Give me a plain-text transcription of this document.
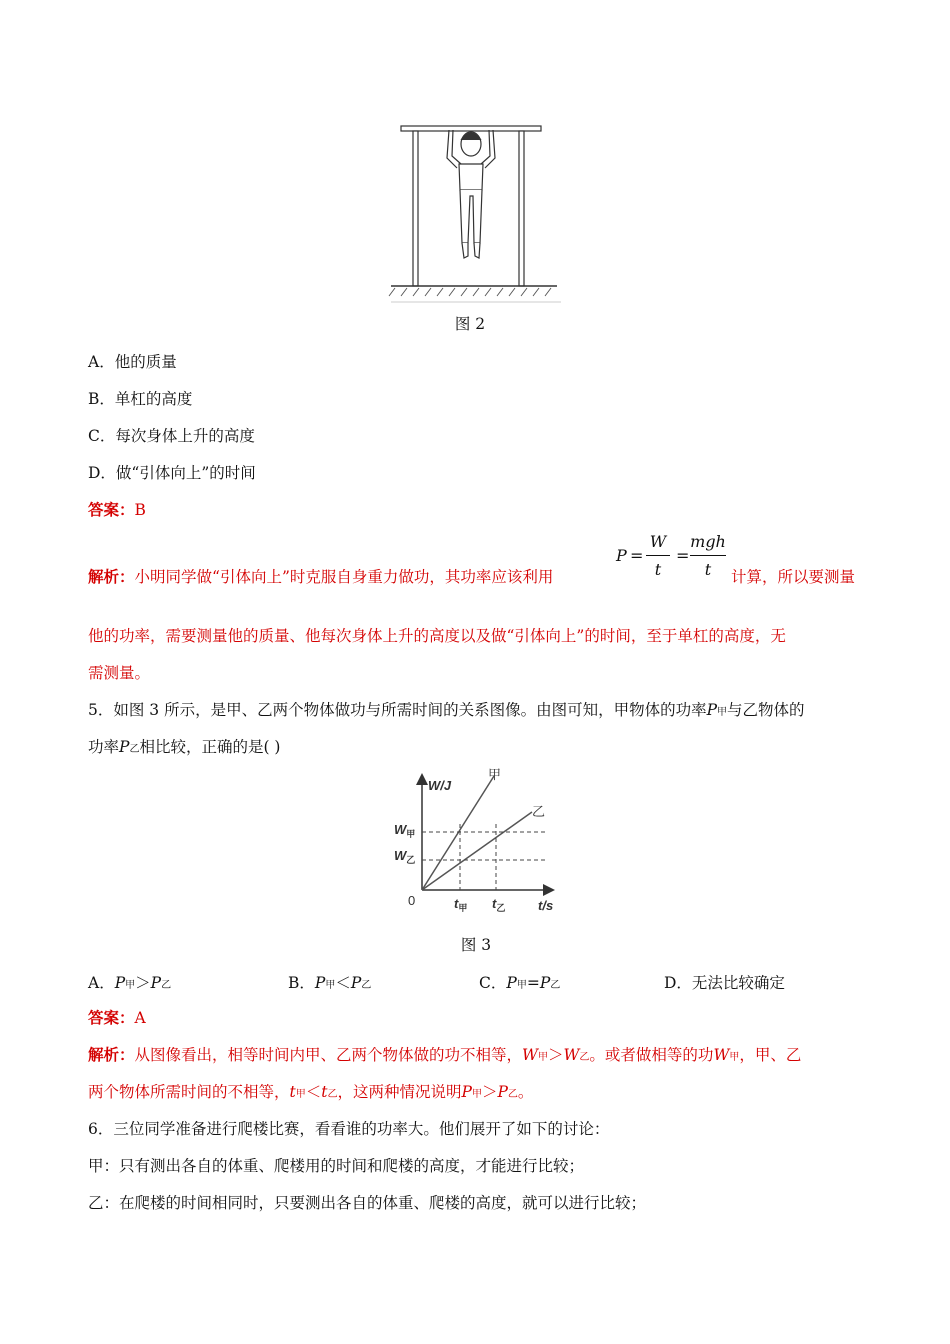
图 2
A．他的质量
B．单杠的高度
C．每次身体上升的高度
D．做“引体向上”的时间
答案：B
解析：小明同学做“引体向上”时克服自身重力做功，其功率应该利用
P =
W
t
=
mgh
t	计算，所以要测量
他的功率，需要测量他的质量、他每次身体上升的高度以及做“引体向上”的时间，至于单杠的高度，无
需测量。
5．如图 3 所示，是甲、乙两个物体做功与所需时间的关系图像。由图可知，甲物体的功率P甲与乙物体的
功率P乙相比较，正确的是( )
W/J
t/s
0
甲
乙
$W_甲$
$W_乙$
$t_甲$ $t_乙$
图 3
A．P甲＞P乙	B．P甲＜P乙	C．P甲=P乙	D．无法比较确定
答案：A
解析：从图像看出，相等时间内甲、乙两个物体做的功不相等，W甲＞W乙。或者做相等的功W甲，甲、乙
两个物体所需时间的不相等，t甲＜t乙，这两种情况说明P甲＞P乙。
6．三位同学准备进行爬楼比赛，看看谁的功率大。他们展开了如下的讨论：
甲：只有测出各自的体重、爬楼用的时间和爬楼的高度，才能进行比较；
乙：在爬楼的时间相同时，只要测出各自的体重、爬楼的高度，就可以进行比较；
